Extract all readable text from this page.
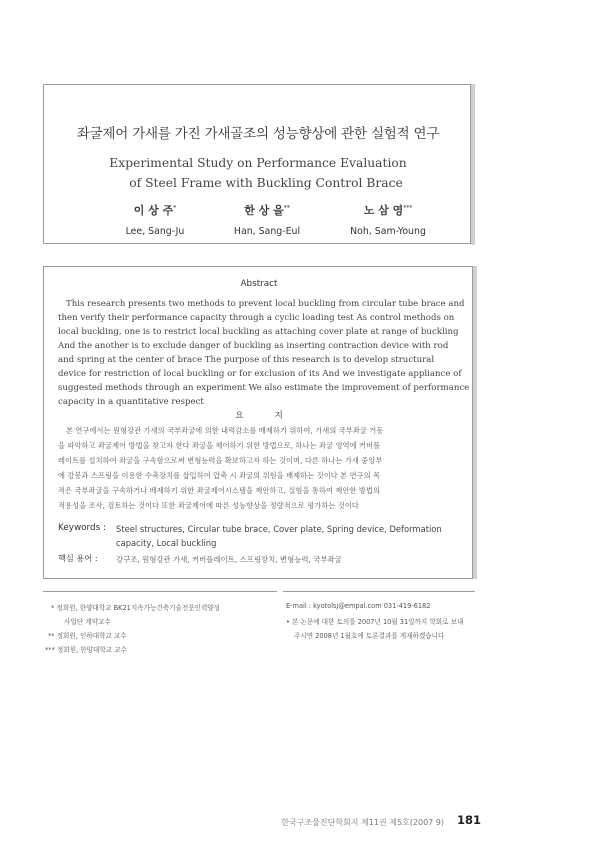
좌굴제어 가새를 가진 가새골조의 성능향상에 관한 실험적 연구
Experimental Study on Performance Evaluation
of Steel Frame with Buckling Control Brace
이 상 주*
Lee, Sang-Ju
한 상 을**
Han, Sang-Eul
노 삼 영***
Noh, Sam-Young
Abstract
This research presents two methods to prevent local buckling from circular tube brace and
then verify their performance capacity through a cyclic loading test As control methods on
local buckling, one is to restrict local buckling as attaching cover plate at range of buckling
And the another is to exclude danger of buckling as inserting contraction device with rod
and spring at the center of brace The purpose of this research is to develop structural
device for restriction of local buckling or for exclusion of its And we investigate appliance of
suggested methods through an experiment We also estimate the improvement of performance
capacity in a quantitative respect
요 지
본 연구에서는 원형강관 가새의 국부좌굴에 의한 내력감소를 배제하기 위하여, 가새의 국부좌굴 거동
을 파악하고 좌굴제어 방법을 찾고자 한다 좌굴을 제어하기 위한 방법으로, 하나는 좌굴 영역에 커버플
레이트를 설치하여 좌굴을 구속함으로써 변형능력을 확보하고자 하는 것이며, 다른 하나는 가새 중앙부
에 강봉과 스프링을 이용한 수축장치를 삽입하여 압축 시 좌굴의 위험을 배제하는 것이다 본 연구의 목
적은 국부좌굴을 구속하거나 배제하기 위한 좌굴제어시스템을 제안하고, 실험을 통하여 제안한 방법의
적용성을 조사, 검토하는 것이다 또한 좌굴제어에 따른 성능향상을 정량적으로 평가하는 것이다
Keywords : Steel structures, Circular tube brace, Cover plate, Spring device, Deformation
capacity, Local buckling
핵심 용어 : 강구조, 원형강관 가새, 커버플레이트, 스프링장치, 변형능력, 국부좌굴
* 정회원, 한양대학교 BK21지속가능건축기술전문인력양성
사업단 계약교수
** 정회원, 인하대학교 교수
*** 정회원, 한양대학교 교수
E-mail : kyotolsj@empal.com 031-419-6182
• 본 논문에 대한 토의를 2007년 10월 31일까지 학회로 보내
주시면 2008년 1월호에 토론결과를 게재하겠습니다
한국구조물진단학회지 제11권 제5호(2007 9) 181
